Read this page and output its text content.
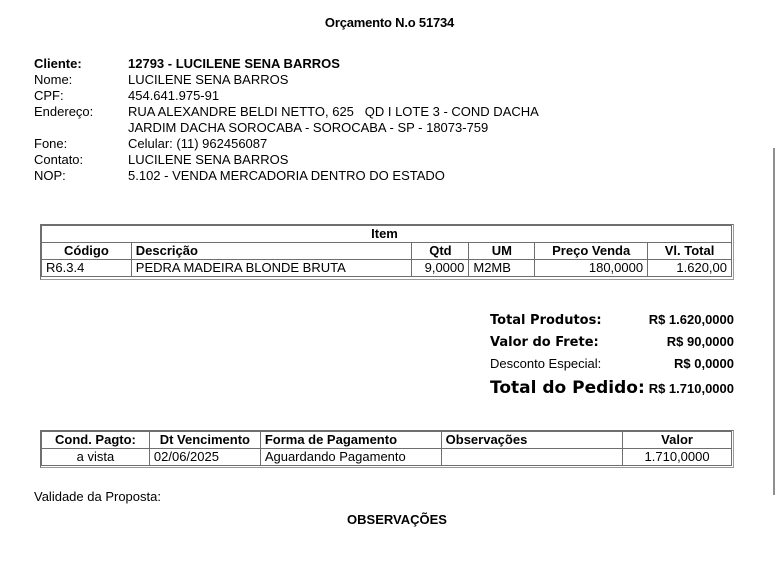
Orçamento N.o 51734
Cliente:	12793 - LUCILENE SENA BARROS
Nome:	LUCILENE SENA BARROS
CPF:	454.641.975-91
Endereço:	RUA ALEXANDRE BELDI NETTO, 625   QD I LOTE 3 - COND DACHA
JARDIM DACHA SOROCABA - SOROCABA - SP - 18073-759
Fone:	Celular: (11) 962456087
Contato:	LUCILENE SENA BARROS
NOP:	5.102 - VENDA MERCADORIA DENTRO DO ESTADO
Item					
Código	Descrição	Qtd	UM	Preço Venda	Vl. Total
R6.3.4	PEDRA MADEIRA BLONDE BRUTA	9,0000	M2MB	180,0000	1.620,00
Total Produtos:	R$ 1.620,0000
Valor do Frete:	R$ 90,0000
Desconto Especial:	R$ 0,0000
Total do Pedido: R$ 1.710,0000
Cond. Pagto:	Dt Vencimento	Forma de Pagamento	Observações	Valor
a vista	02/06/2025	Aguardando Pagamento		1.710,0000
Validade da Proposta:
OBSERVAÇÕES
